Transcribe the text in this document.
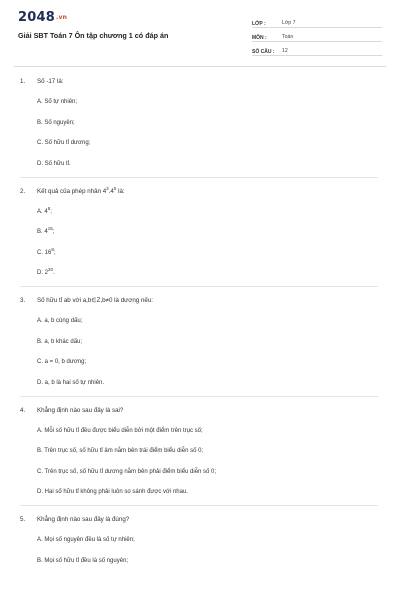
2048.vn
Giải SBT Toán 7 Ôn tập chương 1 có đáp án
LỚP :	Lớp 7
MÔN :	Toán
SỐ CÂU :	12
1.	Số -17 là:
A. Số tự nhiên;
B. Số nguyên;
C. Số hữu tỉ dương;
D. Số hữu tỉ.
2.	Kết quả của phép nhân $4^3.4^5$ là:
A. $4^8$;
B. $4^{15}$;
C. $16^8$;
D. $2^{20}$.
3.	Số hữu tỉ ab với a,b∈Z,b≠0 là dương nếu:
A. a, b cùng dấu;
B. a, b khác dấu;
C. a = 0, b dương;
D. a, b là hai số tự nhiên.
4.	Khẳng định nào sau đây là sai?
A. Mỗi số hữu tỉ đều được biểu diễn bởi một điểm trên trục số;
B. Trên trục số, số hữu tỉ âm nằm bên trái điểm biểu diễn số 0;
C. Trên trục số, số hữu tỉ dương nằm bên phải điểm biểu diễn số 0;
D. Hai số hữu tỉ không phải luôn so sánh được với nhau.
5.	Khẳng định nào sau đây là đúng?
A. Mọi số nguyên đều là số tự nhiên;
B. Mọi số hữu tỉ đều là số nguyên;
